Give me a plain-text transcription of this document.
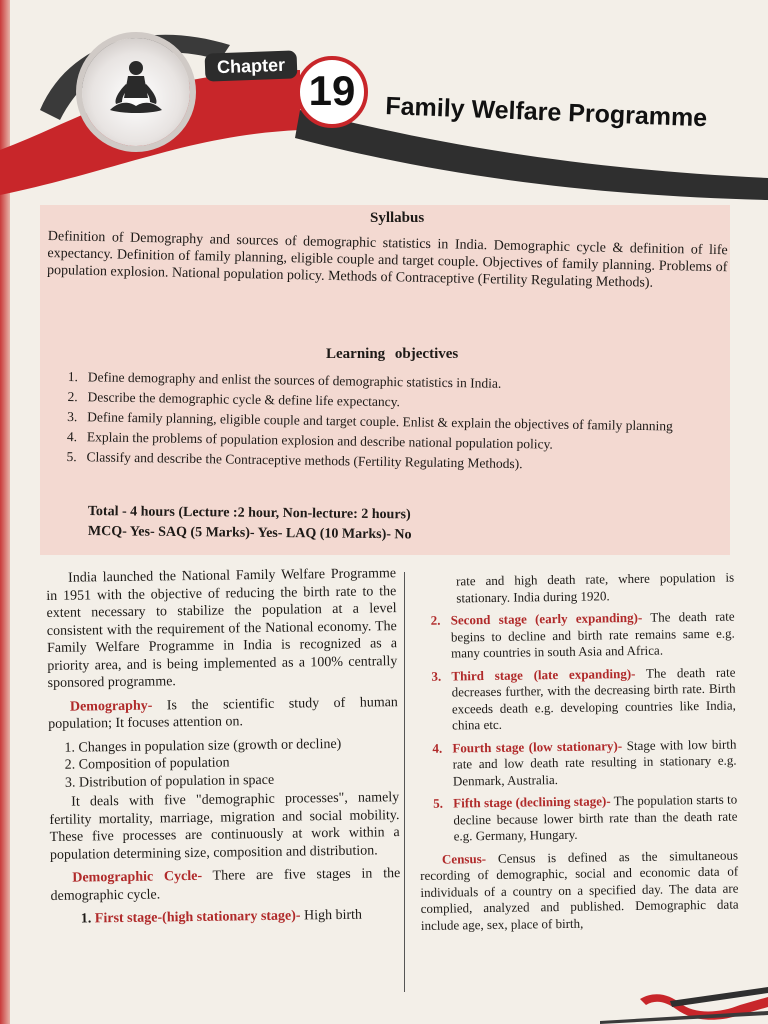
Chapter
19	Family Welfare Programme
Syllabus
Definition of Demography and sources of demographic statistics in India. Demographic cycle & definition of life expectancy. Definition of family planning, eligible couple and target couple. Objectives of family planning. Problems of population explosion. National population policy. Methods of Contraceptive (Fertility Regulating Methods).
Learning objectives
1. Define demography and enlist the sources of demographic statistics in India.
2. Describe the demographic cycle & define life expectancy.
3. Define family planning, eligible couple and target couple. Enlist & explain the objectives of family planning
4. Explain the problems of population explosion and describe national population policy.
5. Classify and describe the Contraceptive methods (Fertility Regulating Methods).
Total - 4 hours (Lecture :2 hour, Non-lecture: 2 hours)
MCQ- Yes- SAQ (5 Marks)- Yes- LAQ (10 Marks)- No

India launched the National Family Welfare Programme in 1951 with the objective of reducing the birth rate to the extent necessary to stabilize the population at a level consistent with the requirement of the National economy. The Family Welfare Programme in India is recognized as a priority area, and is being implemented as a 100% centrally sponsored programme.

Demography- Is the scientific study of human population; It focuses attention on.

1. Changes in population size (growth or decline)
2. Composition of population
3. Distribution of population in space

It deals with five "demographic processes", namely fertility mortality, marriage, migration and social mobility. These five processes are continuously at work within a population determining size, composition and distribution.

Demographic Cycle- There are five stages in the demographic cycle.

1. First stage-(high stationary stage)- High birth

rate and high death rate, where population is stationary. India during 1920.

2. Second stage (early expanding)- The death rate begins to decline and birth rate remains same e.g. many countries in south Asia and Africa.
3. Third stage (late expanding)- The death rate decreases further, with the decreasing birth rate. Birth exceeds death e.g. developing countries like India, china etc.
4. Fourth stage (low stationary)- Stage with low birth rate and low death rate resulting in stationary e.g. Denmark, Australia.
5. Fifth stage (declining stage)- The population starts to decline because lower birth rate than the death rate e.g. Germany, Hungary.

Census- Census is defined as the simultaneous recording of demographic, social and economic data of individuals of a country on a specified day. The data are complied, analyzed and published. Demographic data include age, sex, place of birth,
